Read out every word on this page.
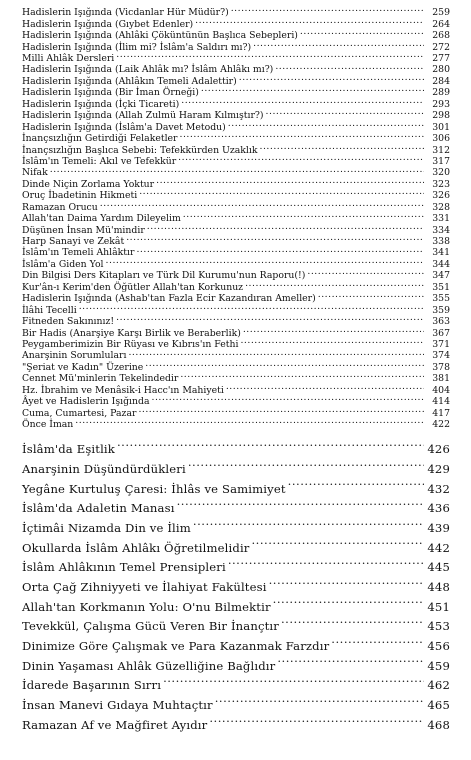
Hadislerin Işığında (Vicdanlar Hür Müdür?) .....	259
Hadislerin Işığında (Gıybet Edenler) .....	264
Hadislerin Işığında (Ahlâki Çöküntünün Başlıca Sebepleri) .....	268
Hadislerin Işığında (İlim mi? İslâm'a Saldırı mı?) .....	272
Milli Ahlâk Dersleri .....	277
Hadislerin Işığında (Laik Ahlâk mı? İslâm Ahlâkı mı?) .....	280
Hadislerin Işığında (Ahlâkın Temeli Adalettir) .....	284
Hadislerin Işığında (Bir İman Örneği) .....	289
Hadislerin Işığında (İçki Ticareti) .....	293
Hadislerin Işığında (Allah Zulmü Haram Kılmıştır?) .....	298
Hadislerin Işığında (İslâm'a Davet Metodu) .....	301
İnançsızlığın Getirdiği Felaketler .....	306
İnançsızlığın Başlıca Sebebi: Tefekkürden Uzaklık .....	312
İslâm'ın Temeli: Akıl ve Tefekkür .....	317
Nifak .....	320
Dinde Niçin Zorlama Yoktur .....	323
Oruç İbadetinin Hikmeti .....	326
Ramazan Orucu .....	328
Allah'tan Daima Yardım Dileyelim .....	331
Düşünen İnsan Mü'mindir .....	334
Harp Sanayi ve Zekât .....	338
İslâm'ın Temeli Ahlâktır .....	341
İslâm'a Giden Yol .....	344
Din Bilgisi Ders Kitapları ve Türk Dil Kurumu'nun Raporu(!) .....	347
Kur'ân-ı Kerim'den Öğütler Allah'tan Korkunuz .....	351
Hadislerin Işığında (Ashab'tan Fazla Ecir Kazandıran Ameller) .....	355
İlâhi Tecelli .....	359
Fitneden Sakınınız! .....	363
Bir Hadis (Anarşiye Karşı Birlik ve Beraberlik) .....	367
Peygamberimizin Bir Rüyası ve Kıbrıs'ın Fethi .....	371
Anarşinin Sorumluları .....	374
"Şeriat ve Kadın" Üzerine .....	378
Cennet Mü'minlerin Tekelindedir .....	381
Hz. İbrahim ve Menâsik-i Hacc'ın Mahiyeti .....	404
Âyet ve Hadislerin Işığında .....	414
Cuma, Cumartesi, Pazar .....	417
Önce İman .....	422
İslâm'da Eşitlik .....	426
Anarşinin Düşündürdükleri .....	429
Yegâne Kurtuluş Çaresi: İhlâs ve Samimiyet .....	432
İslâm'da Adaletin Manası .....	436
İçtimâi Nizamda Din ve İlim .....	439
Okullarda İslâm Ahlâkı Öğretilmelidir .....	442
İslâm Ahlâkının Temel Prensipleri .....	445
Orta Çağ Zihniyyeti ve İlahiyat Fakültesi .....	448
Allah'tan Korkmanın Yolu: O'nu Bilmektir .....	451
Tevekkül, Çalışma Gücü Veren Bir İnançtır .....	453
Dinimize Göre Çalışmak ve Para Kazanmak Farzdır .....	456
Dinin Yaşaması Ahlâk Güzelliğine Bağlıdır .....	459
İdarede Başarının Sırrı .....	462
İnsan Manevi Gıdaya Muhtaçtır .....	465
Ramazan Af ve Mağfiret Ayıdır .....	468
